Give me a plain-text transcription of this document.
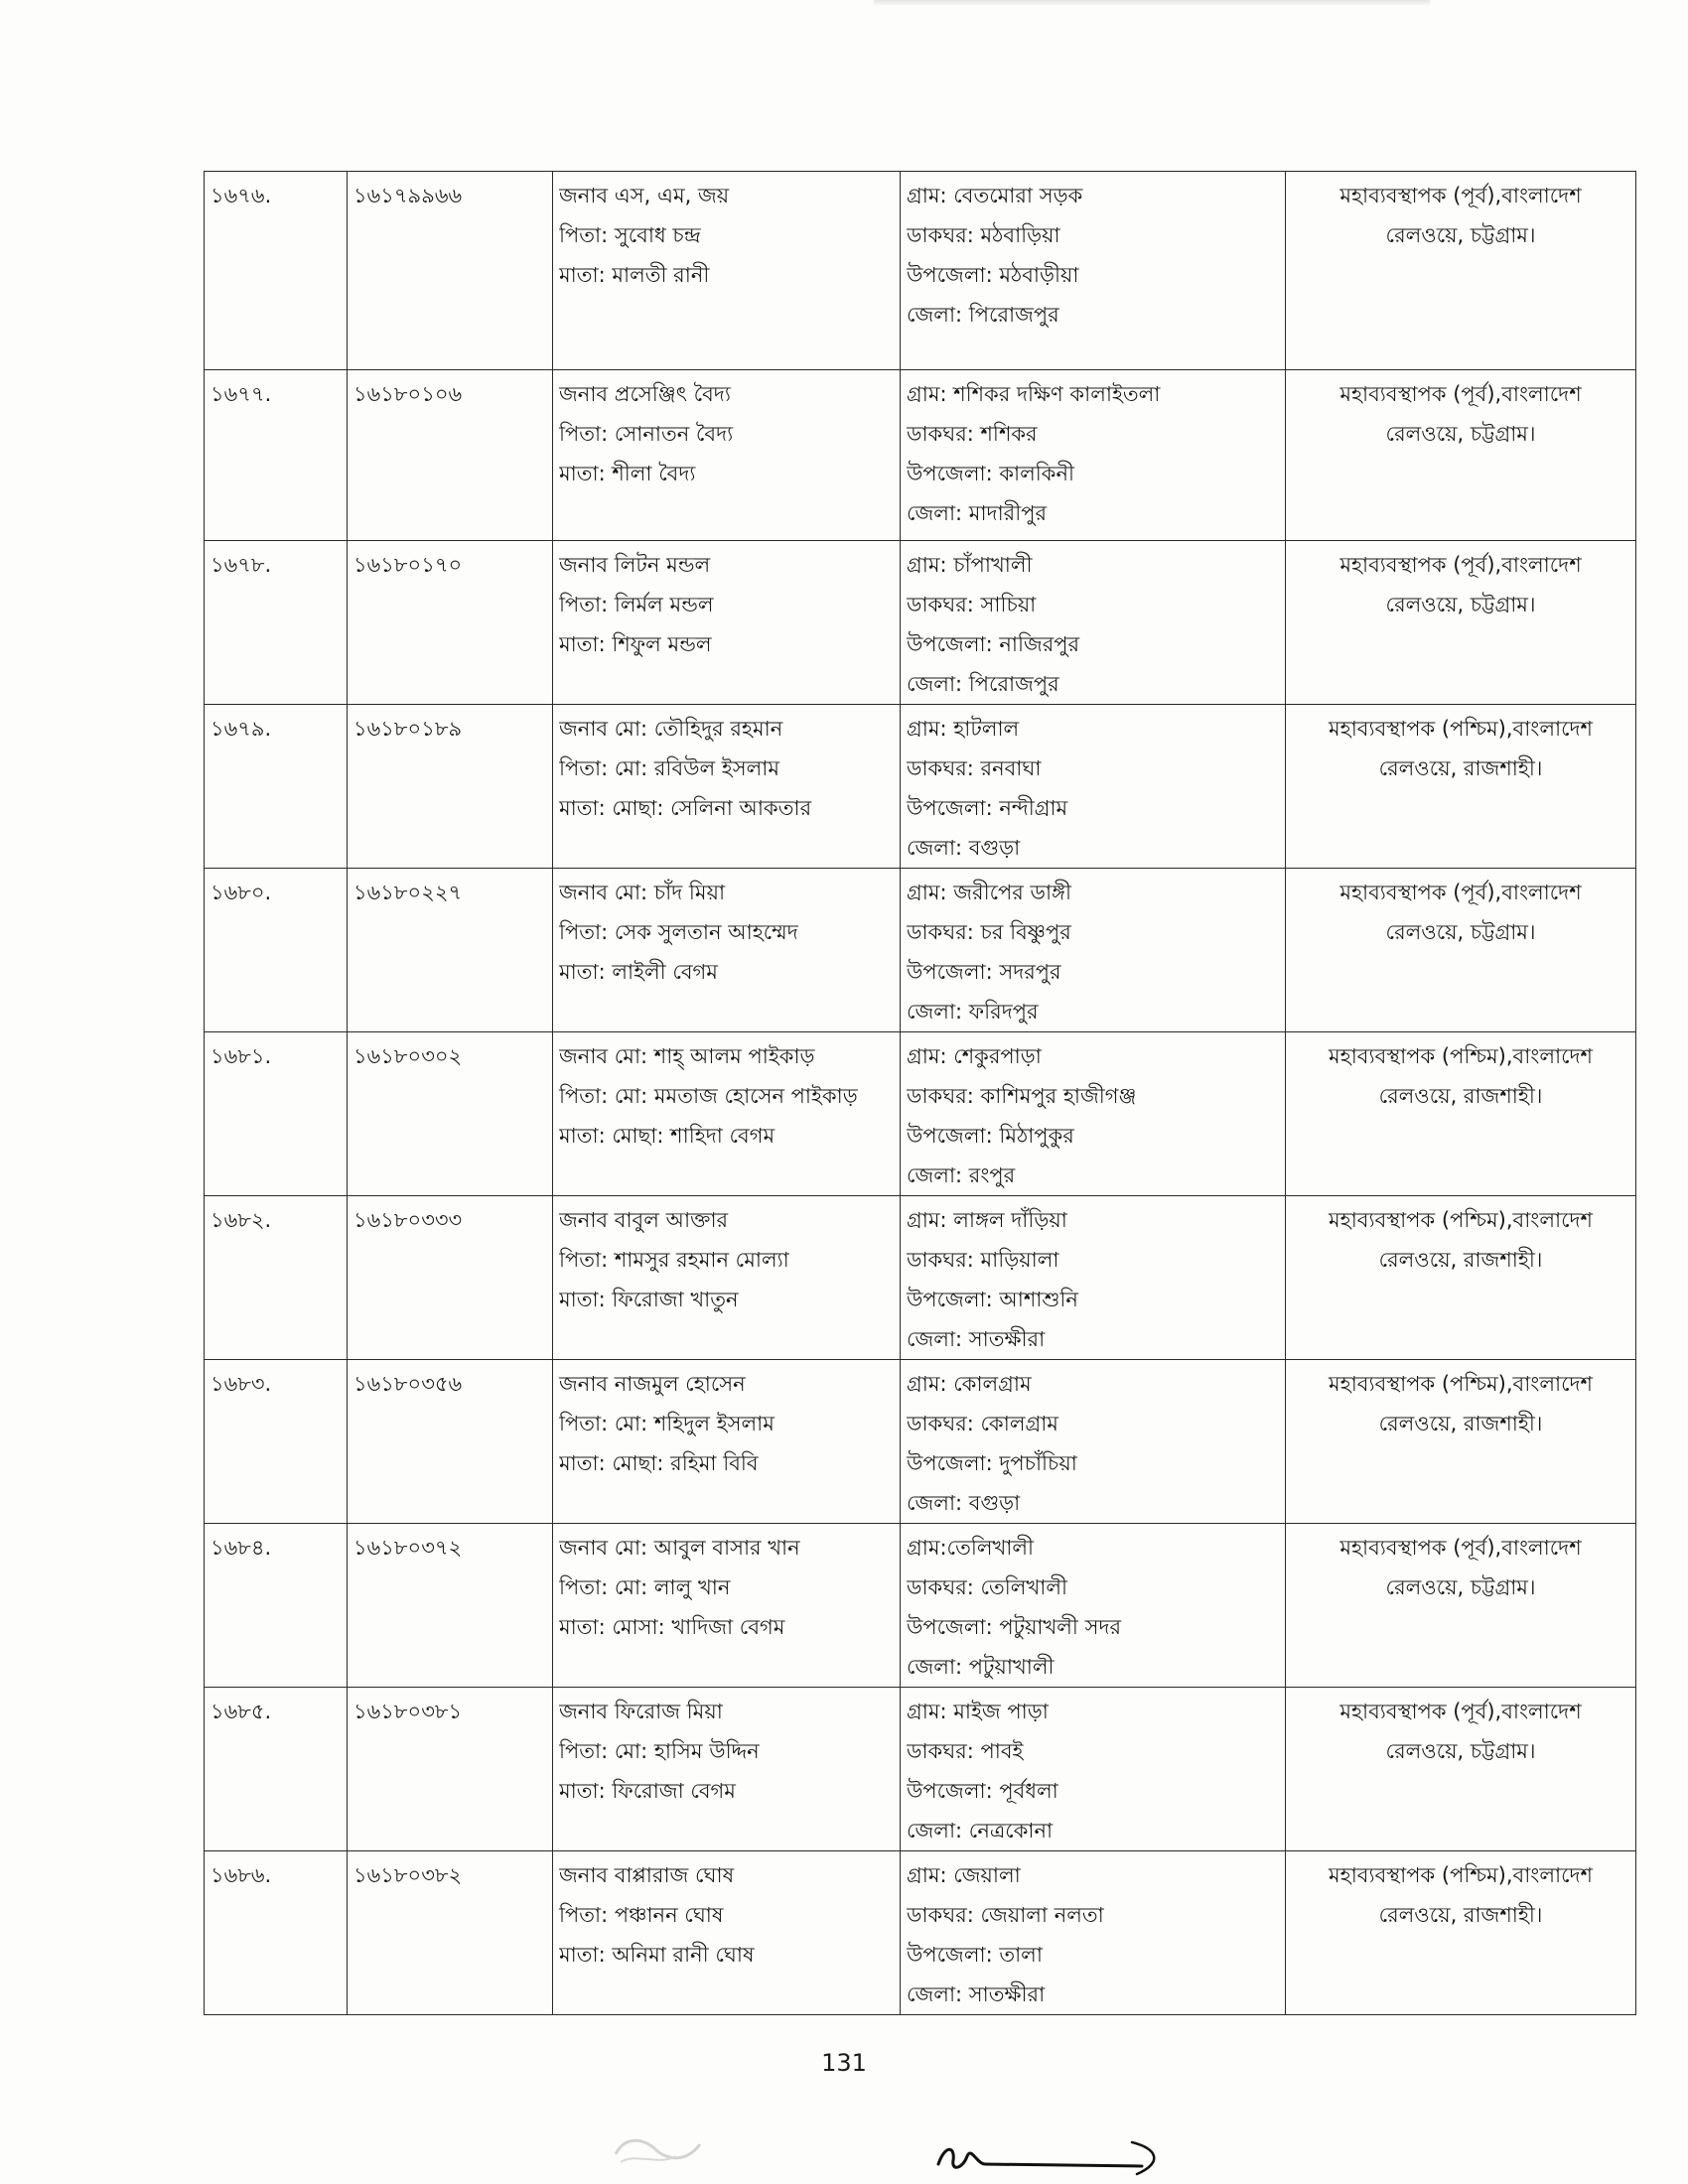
১৬৭৬.	১৬১৭৯৯৬৬	জনাব এস, এম, জয়
পিতা: সুবোধ চন্দ্র
মাতা: মালতী রানী	গ্রাম: বেতমোরা সড়ক
ডাকঘর: মঠবাড়িয়া
উপজেলা: মঠবাড়ীয়া
জেলা: পিরোজপুর	মহাব্যবস্থাপক (পূর্ব),বাংলাদেশ
রেলওয়ে, চট্টগ্রাম।

১৬৭৭.	১৬১৮০১০৬	জনাব প্রসেঞ্জিৎ বৈদ্য
পিতা: সোনাতন বৈদ্য
মাতা: শীলা বৈদ্য	গ্রাম: শশিকর দক্ষিণ কালাইতলা
ডাকঘর: শশিকর
উপজেলা: কালকিনী
জেলা: মাদারীপুর	মহাব্যবস্থাপক (পূর্ব),বাংলাদেশ
রেলওয়ে, চট্টগ্রাম।

১৬৭৮.	১৬১৮০১৭০	জনাব লিটন মন্ডল
পিতা: লির্মল মন্ডল
মাতা: শিফুল মন্ডল	গ্রাম: চাঁপাখালী
ডাকঘর: সাচিয়া
উপজেলা: নাজিরপুর
জেলা: পিরোজপুর	মহাব্যবস্থাপক (পূর্ব),বাংলাদেশ
রেলওয়ে, চট্টগ্রাম।

১৬৭৯.	১৬১৮০১৮৯	জনাব মো: তৌহিদুর রহমান
পিতা: মো: রবিউল ইসলাম
মাতা: মোছা: সেলিনা আকতার	গ্রাম: হাটলাল
ডাকঘর: রনবাঘা
উপজেলা: নন্দীগ্রাম
জেলা: বগুড়া	মহাব্যবস্থাপক (পশ্চিম),বাংলাদেশ
রেলওয়ে, রাজশাহী।

১৬৮০.	১৬১৮০২২৭	জনাব মো: চাঁদ মিয়া
পিতা: সেক সুলতান আহম্মেদ
মাতা: লাইলী বেগম	গ্রাম: জরীপের ডাঙ্গী
ডাকঘর: চর বিষ্ণুপুর
উপজেলা: সদরপুর
জেলা: ফরিদপুর	মহাব্যবস্থাপক (পূর্ব),বাংলাদেশ
রেলওয়ে, চট্টগ্রাম।

১৬৮১.	১৬১৮০৩০২	জনাব মো: শাহ্ আলম পাইকাড়
পিতা: মো: মমতাজ হোসেন পাইকাড়
মাতা: মোছা: শাহিদা বেগম	গ্রাম: শেকুরপাড়া
ডাকঘর: কাশিমপুর হাজীগঞ্জ
উপজেলা: মিঠাপুকুর
জেলা: রংপুর	মহাব্যবস্থাপক (পশ্চিম),বাংলাদেশ
রেলওয়ে, রাজশাহী।

১৬৮২.	১৬১৮০৩৩৩	জনাব বাবুল আক্তার
পিতা: শামসুর রহমান মোল্যা
মাতা: ফিরোজা খাতুন	গ্রাম: লাঙ্গল দাঁড়িয়া
ডাকঘর: মাড়িয়ালা
উপজেলা: আশাশুনি
জেলা: সাতক্ষীরা	মহাব্যবস্থাপক (পশ্চিম),বাংলাদেশ
রেলওয়ে, রাজশাহী।

১৬৮৩.	১৬১৮০৩৫৬	জনাব নাজমুল হোসেন
পিতা: মো: শহিদুল ইসলাম
মাতা: মোছা: রহিমা বিবি	গ্রাম: কোলগ্রাম
ডাকঘর: কোলগ্রাম
উপজেলা: দুপচাঁচিয়া
জেলা: বগুড়া	মহাব্যবস্থাপক (পশ্চিম),বাংলাদেশ
রেলওয়ে, রাজশাহী।

১৬৮৪.	১৬১৮০৩৭২	জনাব মো: আবুল বাসার খান
পিতা: মো: লালু খান
মাতা: মোসা: খাদিজা বেগম	গ্রাম:তেলিখালী
ডাকঘর: তেলিখালী
উপজেলা: পটুয়াখলী সদর
জেলা: পটুয়াখালী	মহাব্যবস্থাপক (পূর্ব),বাংলাদেশ
রেলওয়ে, চট্টগ্রাম।

১৬৮৫.	১৬১৮০৩৮১	জনাব ফিরোজ মিয়া
পিতা: মো: হাসিম উদ্দিন
মাতা: ফিরোজা বেগম	গ্রাম: মাইজ পাড়া
ডাকঘর: পাবই
উপজেলা: পূর্বধলা
জেলা: নেত্রকোনা	মহাব্যবস্থাপক (পূর্ব),বাংলাদেশ
রেলওয়ে, চট্টগ্রাম।

১৬৮৬.	১৬১৮০৩৮২	জনাব বাপ্পারাজ ঘোষ
পিতা: পঞ্চানন ঘোষ
মাতা: অনিমা রানী ঘোষ	গ্রাম: জেয়ালা
ডাকঘর: জেয়ালা নলতা
উপজেলা: তালা
জেলা: সাতক্ষীরা	মহাব্যবস্থাপক (পশ্চিম),বাংলাদেশ
রেলওয়ে, রাজশাহী।
131
